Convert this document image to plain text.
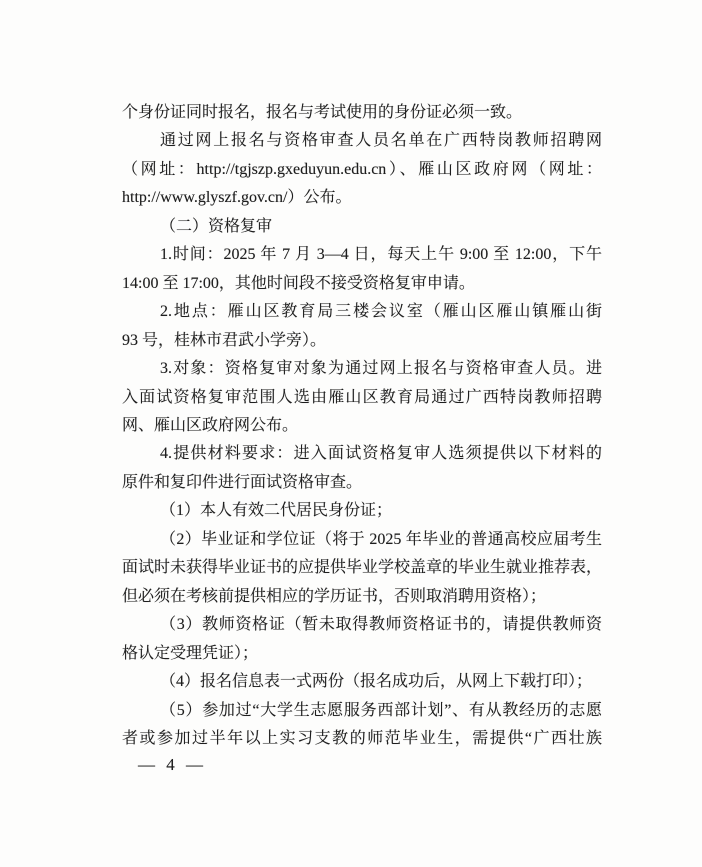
个身份证同时报名，报名与考试使用的身份证必须一致。

通过网上报名与资格审查人员名单在广西特岗教师招聘网

（网址：http://tgjszp.gxeduyun.edu.cn）、雁山区政府网（网址：

http://www.glyszf.gov.cn/）公布。

（二）资格复审

1.时间：2025 年 7 月 3—4 日，每天上午 9:00 至 12:00，下午

14:00 至 17:00，其他时间段不接受资格复审申请。

2.地点：雁山区教育局三楼会议室（雁山区雁山镇雁山街

93 号，桂林市君武小学旁）。

3.对象：资格复审对象为通过网上报名与资格审查人员。进

入面试资格复审范围人选由雁山区教育局通过广西特岗教师招聘

网、雁山区政府网公布。

4.提供材料要求：进入面试资格复审人选须提供以下材料的

原件和复印件进行面试资格审查。

（1）本人有效二代居民身份证；

（2）毕业证和学位证（将于 2025 年毕业的普通高校应届考生

面试时未获得毕业证书的应提供毕业学校盖章的毕业生就业推荐表，

但必须在考核前提供相应的学历证书，否则取消聘用资格）；

（3）教师资格证（暂未取得教师资格证书的，请提供教师资

格认定受理凭证）；

（4）报名信息表一式两份（报名成功后，从网上下载打印）；

（5）参加过“大学生志愿服务西部计划”、有从教经历的志愿

者或参加过半年以上实习支教的师范毕业生，需提供“广西壮族

— 4 —
